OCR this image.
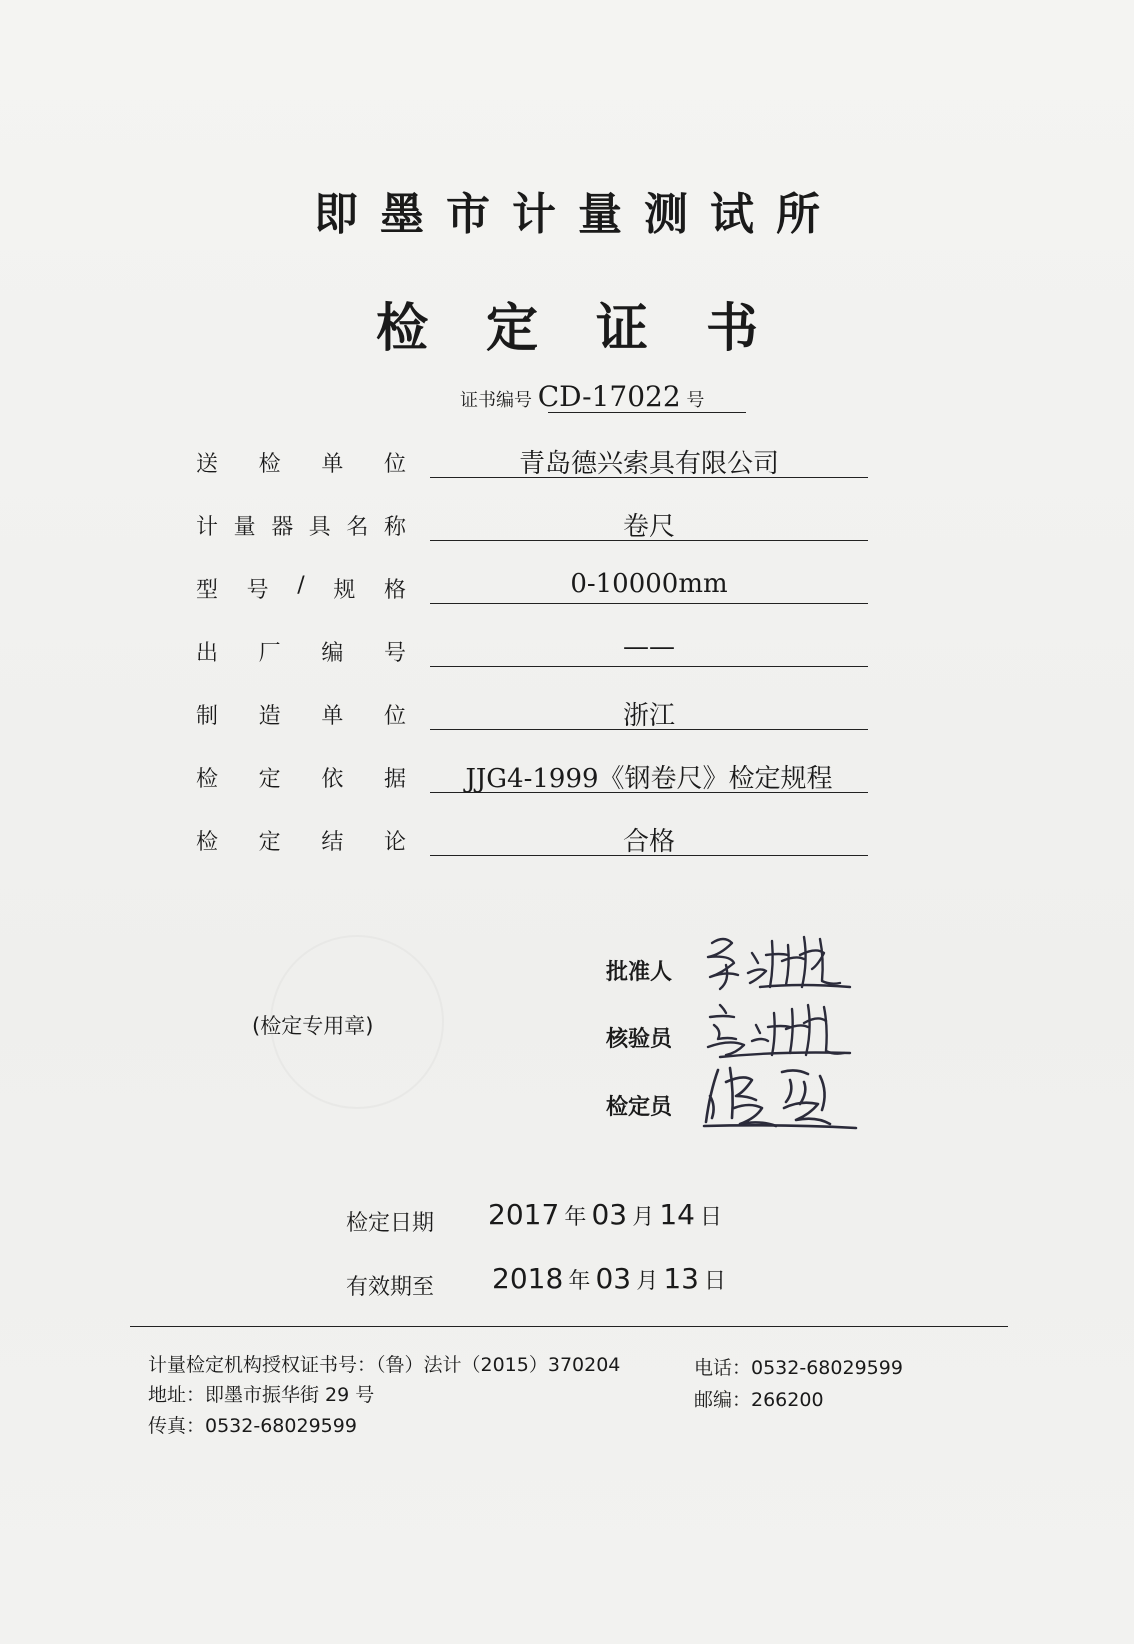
即墨市计量测试所
检定证书
证书编号 CD-17022 号
送 检 单 位	青岛德兴索具有限公司
计 量 器 具 名 称	卷尺
型 号 / 规 格	0-10000mm
出 厂 编 号	——
制 造 单 位	浙江
检 定 依 据	JJG4-1999《钢卷尺》检定规程
检 定 结 论	合格
(检定专用章)
批准人
核验员
检定员
检定日期 2017 年 03 月 14 日
有效期至 2018 年 03 月 13 日
计量检定机构授权证书号：（鲁）法计（2015）370204	电话：0532-68029599
地址：即墨市振华街 29 号	邮编：266200
传真：0532-68029599
